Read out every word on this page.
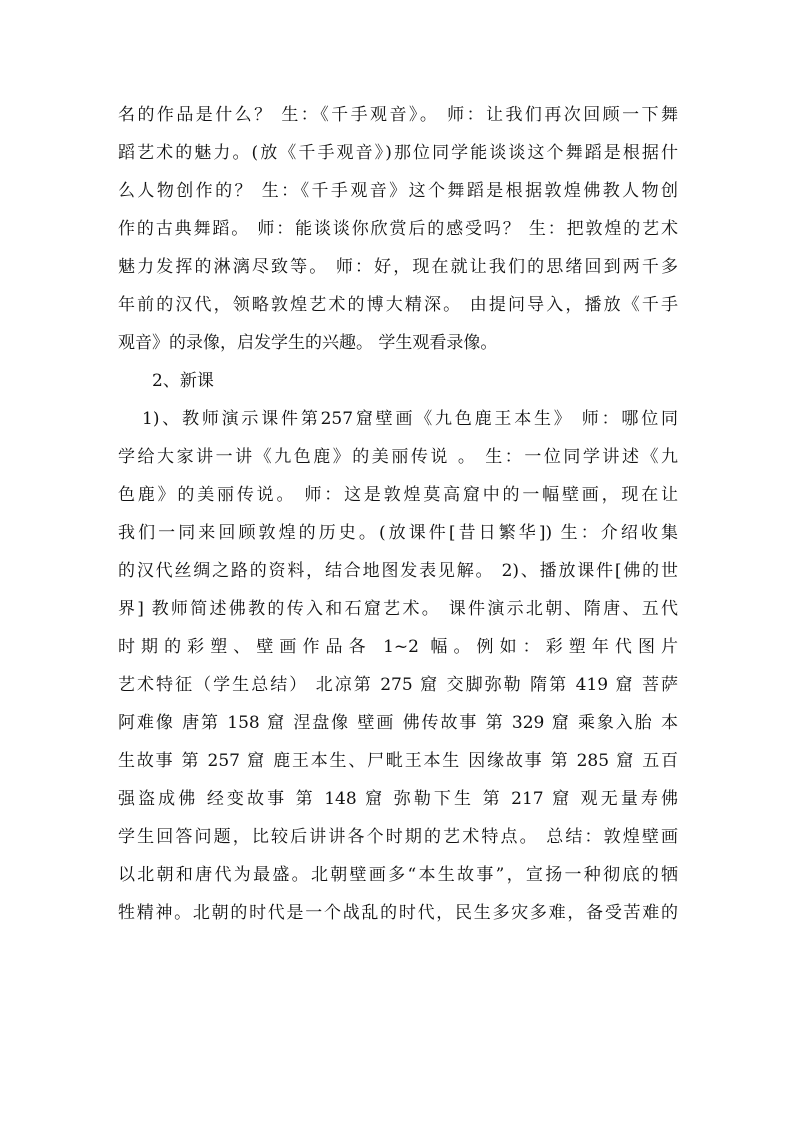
名的作品是什么？ 生：《千手观音》。 师：让我们再次回顾一下舞
蹈艺术的魅力。(放《千手观音》)那位同学能谈谈这个舞蹈是根据什
么人物创作的？ 生：《千手观音》这个舞蹈是根据敦煌佛教人物创
作的古典舞蹈。 师：能谈谈你欣赏后的感受吗？ 生：把敦煌的艺术
魅力发挥的淋漓尽致等。 师：好，现在就让我们的思绪回到两千多
年前的汉代，领略敦煌艺术的博大精深。 由提问导入，播放《千手
观音》的录像，启发学生的兴趣。 学生观看录像。
2、新课
1)、教师演示课件第257窟壁画《九色鹿王本生》 师：哪位同
学给大家讲一讲《九色鹿》的美丽传说 。 生：一位同学讲述《九
色鹿》的美丽传说。 师：这是敦煌莫高窟中的一幅壁画，现在让
我们一同来回顾敦煌的历史。(放课件[昔日繁华]) 生：介绍收集
的汉代丝绸之路的资料，结合地图发表见解。 2)、播放课件[佛的世
界] 教师简述佛教的传入和石窟艺术。 课件演示北朝、隋唐、五代
时期的彩塑、壁画作品各 1~2 幅。例如：彩塑年代图片
艺术特征（学生总结） 北凉第 275 窟 交脚弥勒 隋第 419 窟 菩萨
阿难像 唐第 158 窟 涅盘像 壁画 佛传故事 第 329 窟 乘象入胎 本
生故事 第 257 窟 鹿王本生、尸毗王本生 因缘故事 第 285 窟 五百
强盗成佛 经变故事 第 148 窟 弥勒下生 第 217 窟 观无量寿佛
学生回答问题，比较后讲讲各个时期的艺术特点。 总结：敦煌壁画
以北朝和唐代为最盛。北朝壁画多“本生故事”，宣扬一种彻底的牺
牲精神。北朝的时代是一个战乱的时代，民生多灾多难，备受苦难的
